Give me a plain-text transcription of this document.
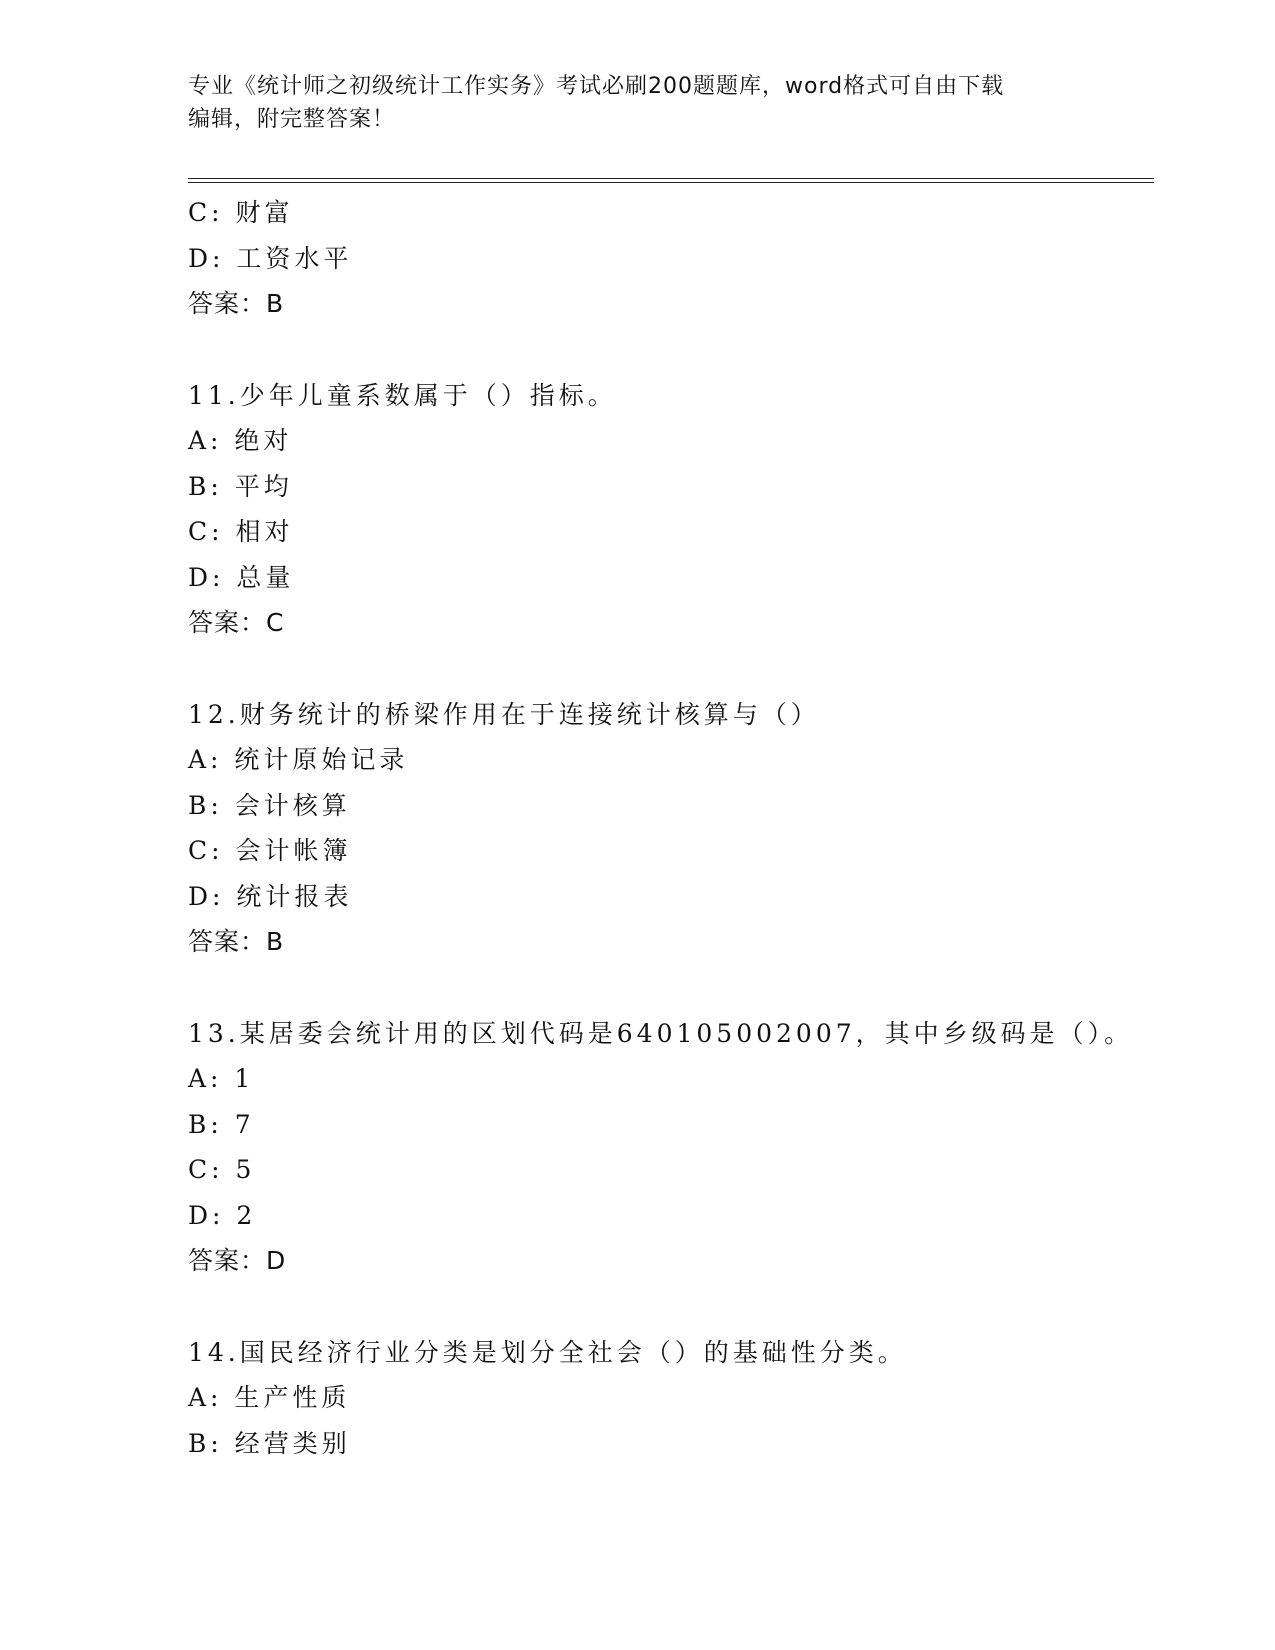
专业《统计师之初级统计工作实务》考试必刷200题题库，word格式可自由下载
编辑，附完整答案！
C: 财富
D: 工资水平
答案：B
11.少年儿童系数属于（）指标。
A: 绝对
B: 平均
C: 相对
D: 总量
答案：C
12.财务统计的桥梁作用在于连接统计核算与（）
A: 统计原始记录
B: 会计核算
C: 会计帐簿
D: 统计报表
答案：B
13.某居委会统计用的区划代码是640105002007，其中乡级码是（）。
A: 1
B: 7
C: 5
D: 2
答案：D
14.国民经济行业分类是划分全社会（）的基础性分类。
A: 生产性质
B: 经营类别
